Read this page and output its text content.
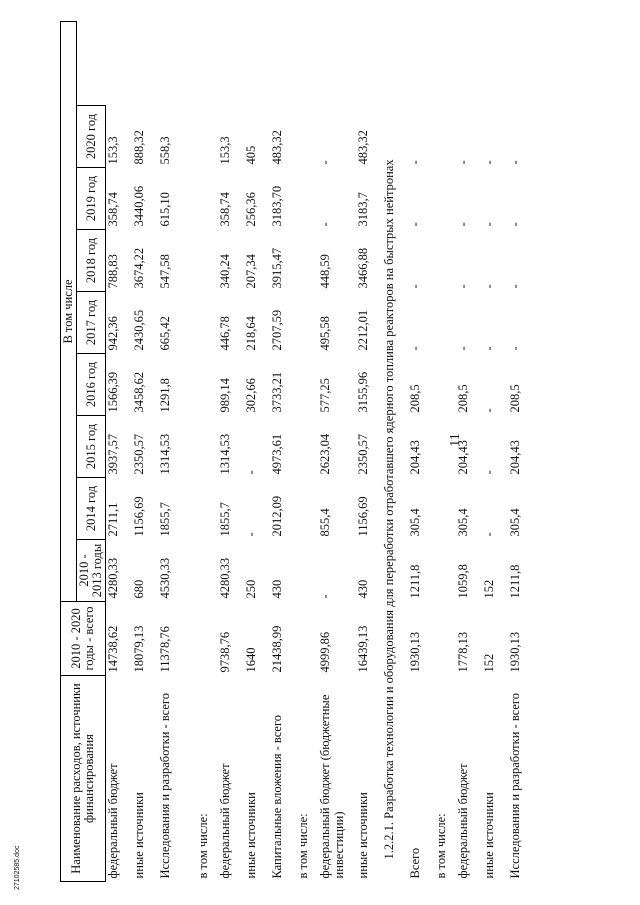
11
27102585.doc	Наименование расходов, источники финансирования	2010 - 2020 годы - всего	В том числе							
		2010 - 2013 годы	2014 год	2015 год	2016 год	2017 год	2018 год	2019 год	2020 год
федеральный бюджет	14738,62	4280,33	2711,1	3937,57	1566,39	942,36	788,83	358,74	153,3
иные источники	18079,13	680	1156,69	2350,57	3458,62	2430,65	3674,22	3440,06	888,32
Исследования и разработки - всего	11378,76	4530,33	1855,7	1314,53	1291,8	665,42	547,58	615,10	558,3
в том числе:									
федеральный бюджет	9738,76	4280,33	1855,7	1314,53	989,14	446,78	340,24	358,74	153,3
иные источники	1640	250	-	-	302,66	218,64	207,34	256,36	405
Капитальные вложения - всего	21438,99	430	2012,09	4973,61	3733,21	2707,59	3915,47	3183,70	483,32
в том числе:									
федеральный бюджет (бюджетные инвестиции)	4999,86	-	855,4	2623,04	577,25	495,58	448,59	-	-
иные источники	16439,13	430	1156,69	2350,57	3155,96	2212,01	3466,88	3183,7	483,32
1.2.2.1. Разработка технологии и оборудования для переработки отработавшего ядерного топлива реакторов на быстрых нейтронах									
Всего	1930,13	1211,8	305,4	204,43	208,5	-	-	-	-
в том числе:									
федеральный бюджет	1778,13	1059,8	305,4	204,43	208,5	-	-	-	-
иные источники	152	152	-	-	-	-	-	-	-
Исследования и разработки - всего	1930,13	1211,8	305,4	204,43	208,5	-	-	-	-
